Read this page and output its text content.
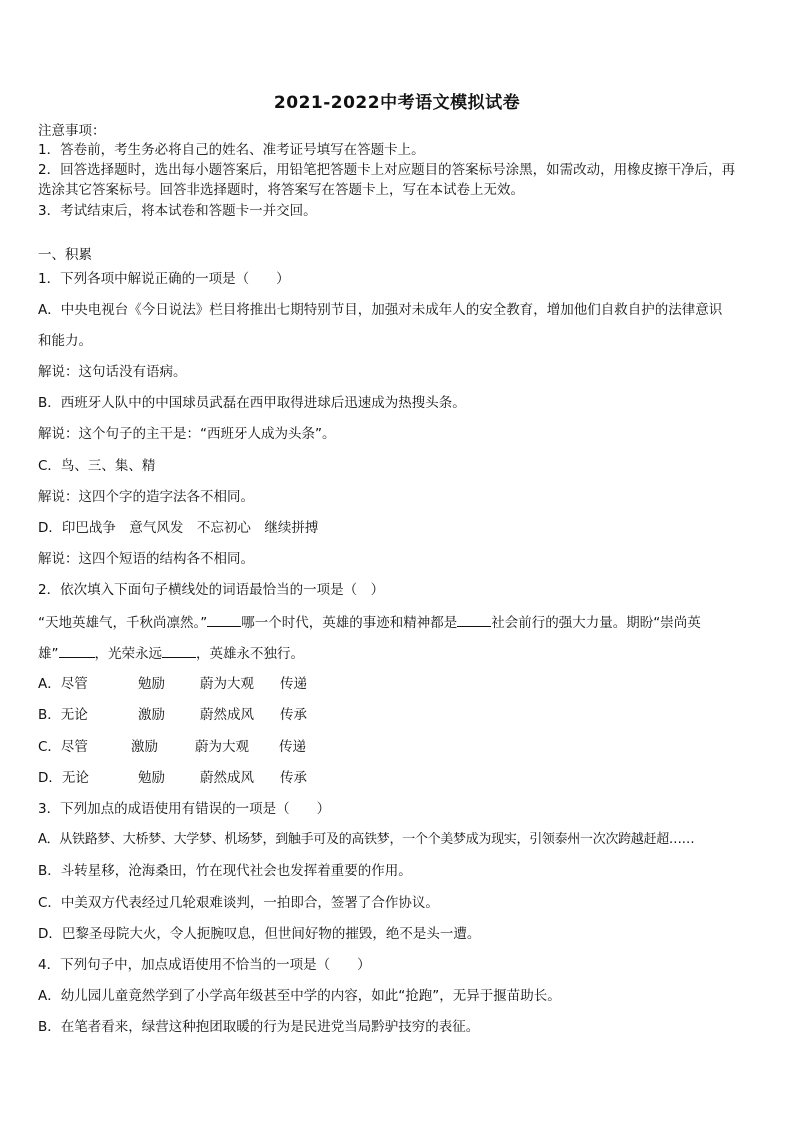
2021-2022中考语文模拟试卷
注意事项：
1．答卷前，考生务必将自己的姓名、准考证号填写在答题卡上。
2．回答选择题时，选出每小题答案后，用铅笔把答题卡上对应题目的答案标号涂黑，如需改动，用橡皮擦干净后，再
选涂其它答案标号。回答非选择题时，将答案写在答题卡上，写在本试卷上无效。
3．考试结束后，将本试卷和答题卡一并交回。
一、积累
1．下列各项中解说正确的一项是（　　）
A．中央电视台《今日说法》栏目将推出七期特别节目，加强对未成年人的安全教育，增加他们自救自护的法律意识
和能力。
解说：这句话没有语病。
B．西班牙人队中的中国球员武磊在西甲取得进球后迅速成为热搜头条。
解说：这个句子的主干是：“西班牙人成为头条”。
C．鸟、三、集、精
解说：这四个字的造字法各不相同。
D．印巴战争　意气风发　不忘初心　继续拼搏
解说：这四个短语的结构各不相同。
2．依次填入下面句子横线处的词语最恰当的一项是（　）
“天地英雄气，千秋尚凛然。”	哪一个时代，英雄的事迹和精神都是	社会前行的强大力量。期盼“崇尚英
雄”	，光荣永远	，英雄永不独行。
A．尽管	勉励	蔚为大观 传递
B．无论	激励	蔚然成风 传承
C．尽管	激励	蔚为大观 传递
D．无论	勉励	蔚然成风 传承
3．下列加点的成语使用有错误的一项是（　　）
A．从铁路梦、大桥梦、大学梦、机场梦，到触手可及的高铁梦，一个个美梦成为现实，引领泰州一次次跨越赶超……
B．斗转星移，沧海桑田，竹在现代社会也发挥着重要的作用。
C．中美双方代表经过几轮艰难谈判，一拍即合，签署了合作协议。
D．巴黎圣母院大火，令人扼腕叹息，但世间好物的摧毁，绝不是头一遭。
4．下列句子中，加点成语使用不恰当的一项是（　　）
A．幼儿园儿童竟然学到了小学高年级甚至中学的内容，如此“抢跑”，无异于揠苗助长。
B．在笔者看来，绿营这种抱团取暖的行为是民进党当局黔驴技穷的表征。
